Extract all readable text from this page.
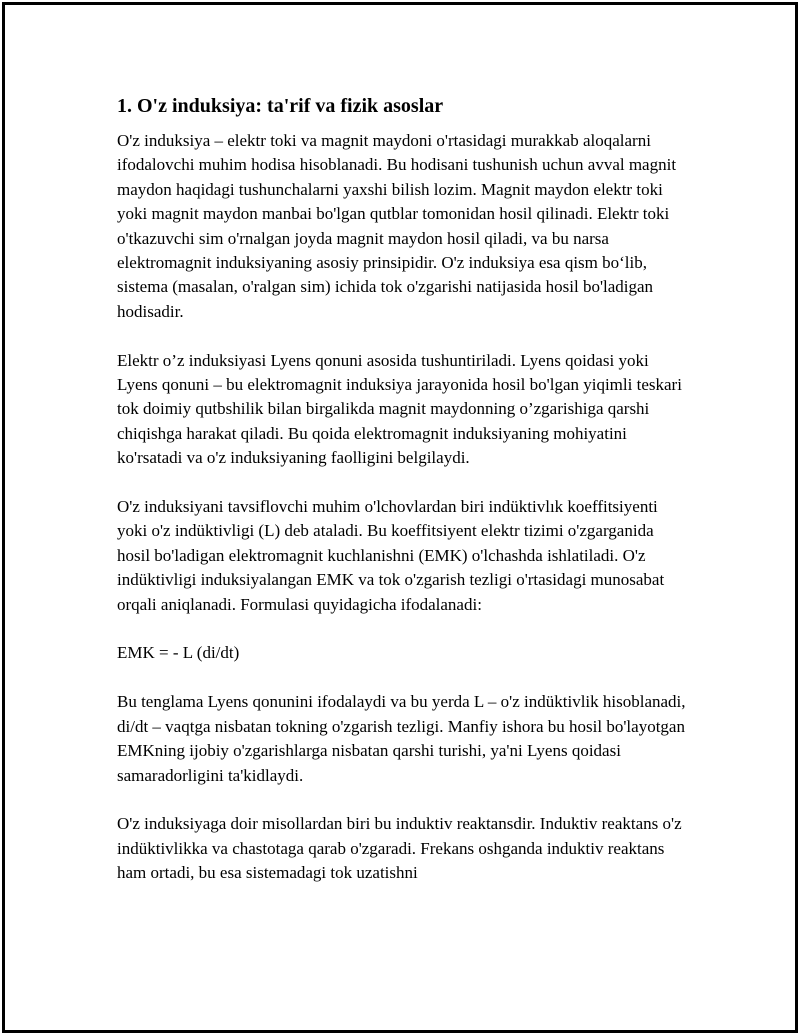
1. O'z induksiya: ta'rif va fizik asoslar

O'z induksiya – elektr toki va magnit maydoni o'rtasidagi murakkab aloqalarni ifodalovchi muhim hodisa hisoblanadi. Bu hodisani tushunish uchun avval magnit maydon haqidagi tushunchalarni yaxshi bilish lozim. Magnit maydon elektr toki yoki magnit maydon manbai bo'lgan qutblar tomonidan hosil qilinadi. Elektr toki o'tkazuvchi sim o'rnalgan joyda magnit maydon hosil qiladi, va bu narsa elektromagnit induksiyaning asosiy prinsipidir. O'z induksiya esa qism bo‘lib, sistema (masalan, o'ralgan sim) ichida tok o'zgarishi natijasida hosil bo'ladigan hodisadir.

Elektr o’z induksiyasi Lyens qonuni asosida tushuntiriladi. Lyens qoidasi yoki Lyens qonuni – bu elektromagnit induksiya jarayonida hosil bo'lgan yiqimli teskari tok doimiy qutbshilik bilan birgalikda magnit maydonning o’zgarishiga qarshi chiqishga harakat qiladi. Bu qoida elektromagnit induksiyaning mohiyatini ko'rsatadi va o'z induksiyaning faolligini belgilaydi.

O'z induksiyani tavsiflovchi muhim o'lchovlardan biri indüktivlık koeffitsiyenti yoki o'z indüktivligi (L) deb ataladi. Bu koeffitsiyent elektr tizimi o'zgarganida hosil bo'ladigan elektromagnit kuchlanishni (EMK) o'lchashda ishlatiladi. O'z indüktivligi induksiyalangan EMK va tok o'zgarish tezligi o'rtasidagi munosabat orqali aniqlanadi. Formulasi quyidagicha ifodalanadi:

EMK = - L (di/dt)

Bu tenglama Lyens qonunini ifodalaydi va bu yerda L – o'z indüktivlik hisoblanadi, di/dt – vaqtga nisbatan tokning o'zgarish tezligi. Manfiy ishora bu hosil bo'layotgan EMKning ijobiy o'zgarishlarga nisbatan qarshi turishi, ya'ni Lyens qoidasi samaradorligini ta'kidlaydi.

O'z induksiyaga doir misollardan biri bu induktiv reaktansdir. Induktiv reaktans o'z indüktivlikka va chastotaga qarab o'zgaradi. Frekans oshganda induktiv reaktans ham ortadi, bu esa sistemadagi tok uzatishni
